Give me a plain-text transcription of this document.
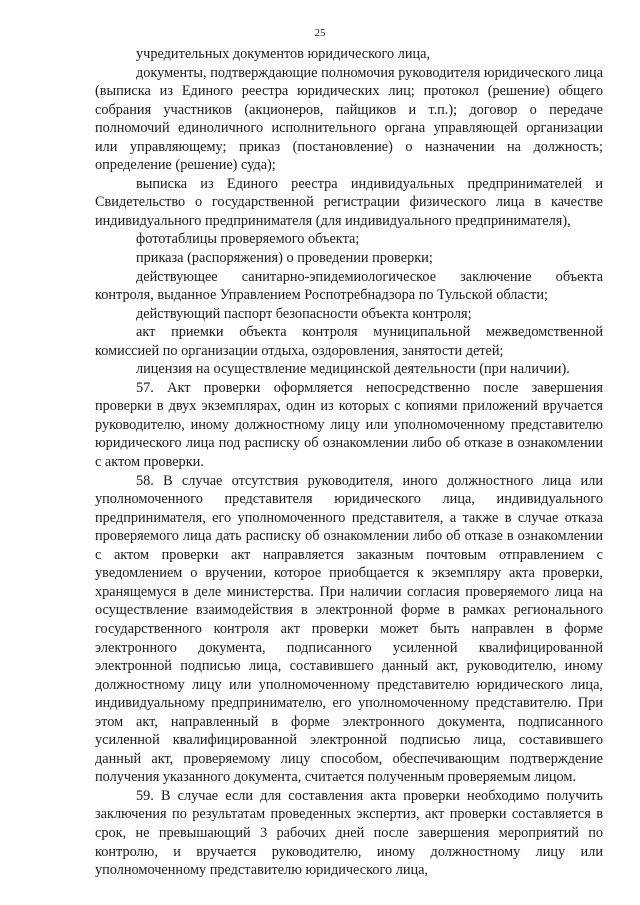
25

учредительных документов юридического лица,

документы, подтверждающие полномочия руководителя юридического лица (выписка из Единого реестра юридических лиц; протокол (решение) общего собрания участников (акционеров, пайщиков и т.п.); договор о передаче полномочий единоличного исполнительного органа управляющей организации или управляющему; приказ (постановление) о назначении на должность; определение (решение) суда);

выписка из Единого реестра индивидуальных предпринимателей и Свидетельство о государственной регистрации физического лица в качестве индивидуального предпринимателя (для индивидуального предпринимателя),

фототаблицы проверяемого объекта;

приказа (распоряжения) о проведении проверки;

действующее санитарно-эпидемиологическое заключение объекта контроля, выданное Управлением Роспотребнадзора по Тульской области;

действующий паспорт безопасности объекта контроля;

акт приемки объекта контроля муниципальной межведомственной комиссией по организации отдыха, оздоровления, занятости детей;

лицензия на осуществление медицинской деятельности (при наличии).

57. Акт проверки оформляется непосредственно после завершения проверки в двух экземплярах, один из которых с копиями приложений вручается руководителю, иному должностному лицу или уполномоченному представителю юридического лица под расписку об ознакомлении либо об отказе в ознакомлении с актом проверки.

58. В случае отсутствия руководителя, иного должностного лица или уполномоченного представителя юридического лица, индивидуального предпринимателя, его уполномоченного представителя, а также в случае отказа проверяемого лица дать расписку об ознакомлении либо об отказе в ознакомлении с актом проверки акт направляется заказным почтовым отправлением с уведомлением о вручении, которое приобщается к экземпляру акта проверки, хранящемуся в деле министерства. При наличии согласия проверяемого лица на осуществление взаимодействия в электронной форме в рамках регионального государственного контроля акт проверки может быть направлен в форме электронного документа, подписанного усиленной квалифицированной электронной подписью лица, составившего данный акт, руководителю, иному должностному лицу или уполномоченному представителю юридического лица, индивидуальному предпринимателю, его уполномоченному представителю. При этом акт, направленный в форме электронного документа, подписанного усиленной квалифицированной электронной подписью лица, составившего данный акт, проверяемому лицу способом, обеспечивающим подтверждение получения указанного документа, считается полученным проверяемым лицом.

59. В случае если для составления акта проверки необходимо получить заключения по результатам проведенных экспертиз, акт проверки составляется в срок, не превышающий 3 рабочих дней после завершения мероприятий по контролю, и вручается руководителю, иному должностному лицу или уполномоченному представителю юридического лица,
